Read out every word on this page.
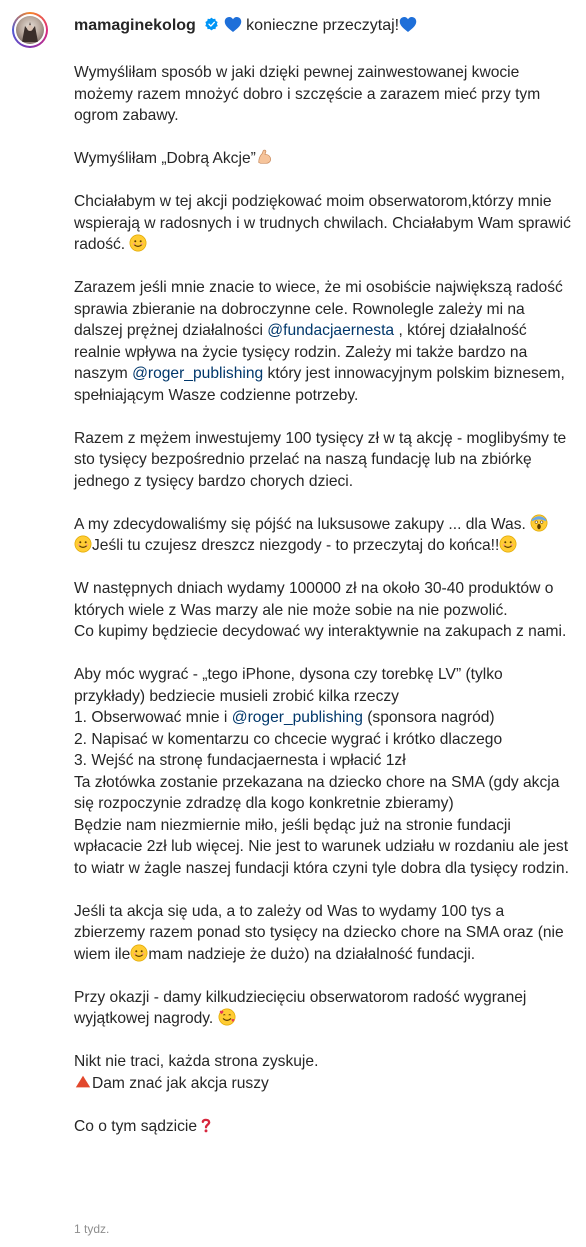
mamaginekolog	konieczne przeczytaj!

Wymyśliłam sposób w jaki dzięki pewnej zainwestowanej kwocie możemy razem mnożyć dobro i szczęście a zarazem mieć przy tym ogrom zabawy.

Wymyśliłam „Dobrą Akcje”

Chciałabym w tej akcji podziękować moim obserwatorom,którzy mnie wspierają w radosnych i w trudnych chwilach. Chciałabym Wam sprawić radość.

Zarazem jeśli mnie znacie to wiece, że mi osobiście największą radość sprawia zbieranie na dobroczynne cele. Rownolegle zależy mi na dalszej prężnej działalności @fundacjaernesta , której działalność realnie wpływa na życie tysięcy rodzin. Zależy mi także bardzo na naszym @roger_publishing który jest innowacyjnym polskim biznesem, spełniającym Wasze codzienne potrzeby.

Razem z mężem inwestujemy 100 tysięcy zł w tą akcję - moglibyśmy te sto tysięcy bezpośrednio przelać na naszą fundację lub na zbiórkę jednego z tysięcy bardzo chorych dzieci.

A my zdecydowaliśmy się pójść na luksusowe zakupy ... dla Was.
Jeśli tu czujesz dreszcz niezgody - to przeczytaj do końca!!

W następnych dniach wydamy 100000 zł na około 30-40 produktów o których wiele z Was marzy ale nie może sobie na nie pozwolić.
Co kupimy będziecie decydować wy interaktywnie na zakupach z nami.

Aby móc wygrać - „tego iPhone, dysona czy torebkę LV” (tylko przykłady) bedziecie musieli zrobić kilka rzeczy
1. Obserwować mnie i @roger_publishing (sponsora nagród)
2. Napisać w komentarzu co chcecie wygrać i krótko dlaczego
3. Wejść na stronę fundacjaernesta i wpłacić 1zł
Ta złotówka zostanie przekazana na dziecko chore na SMA (gdy akcja się rozpoczynie zdradzę dla kogo konkretnie zbieramy)
Będzie nam niezmiernie miło, jeśli będąc już na stronie fundacji wpłacacie 2zł lub więcej. Nie jest to warunek udziału w rozdaniu ale jest to wiatr w żagle naszej fundacji która czyni tyle dobra dla tysięcy rodzin.

Jeśli ta akcja się uda, a to zależy od Was to wydamy 100 tys a zbierzemy razem ponad sto tysięcy na dziecko chore na SMA oraz (nie wiem ile mam nadzieje że dużo) na działalność fundacji.

Przy okazji - damy kilkudziecięciu obserwatorom radość wygranej wyjątkowej nagrody.

Nikt nie traci, każda strona zyskuje.
Dam znać jak akcja ruszy

Co o tym sądzicie

1 tydz.
